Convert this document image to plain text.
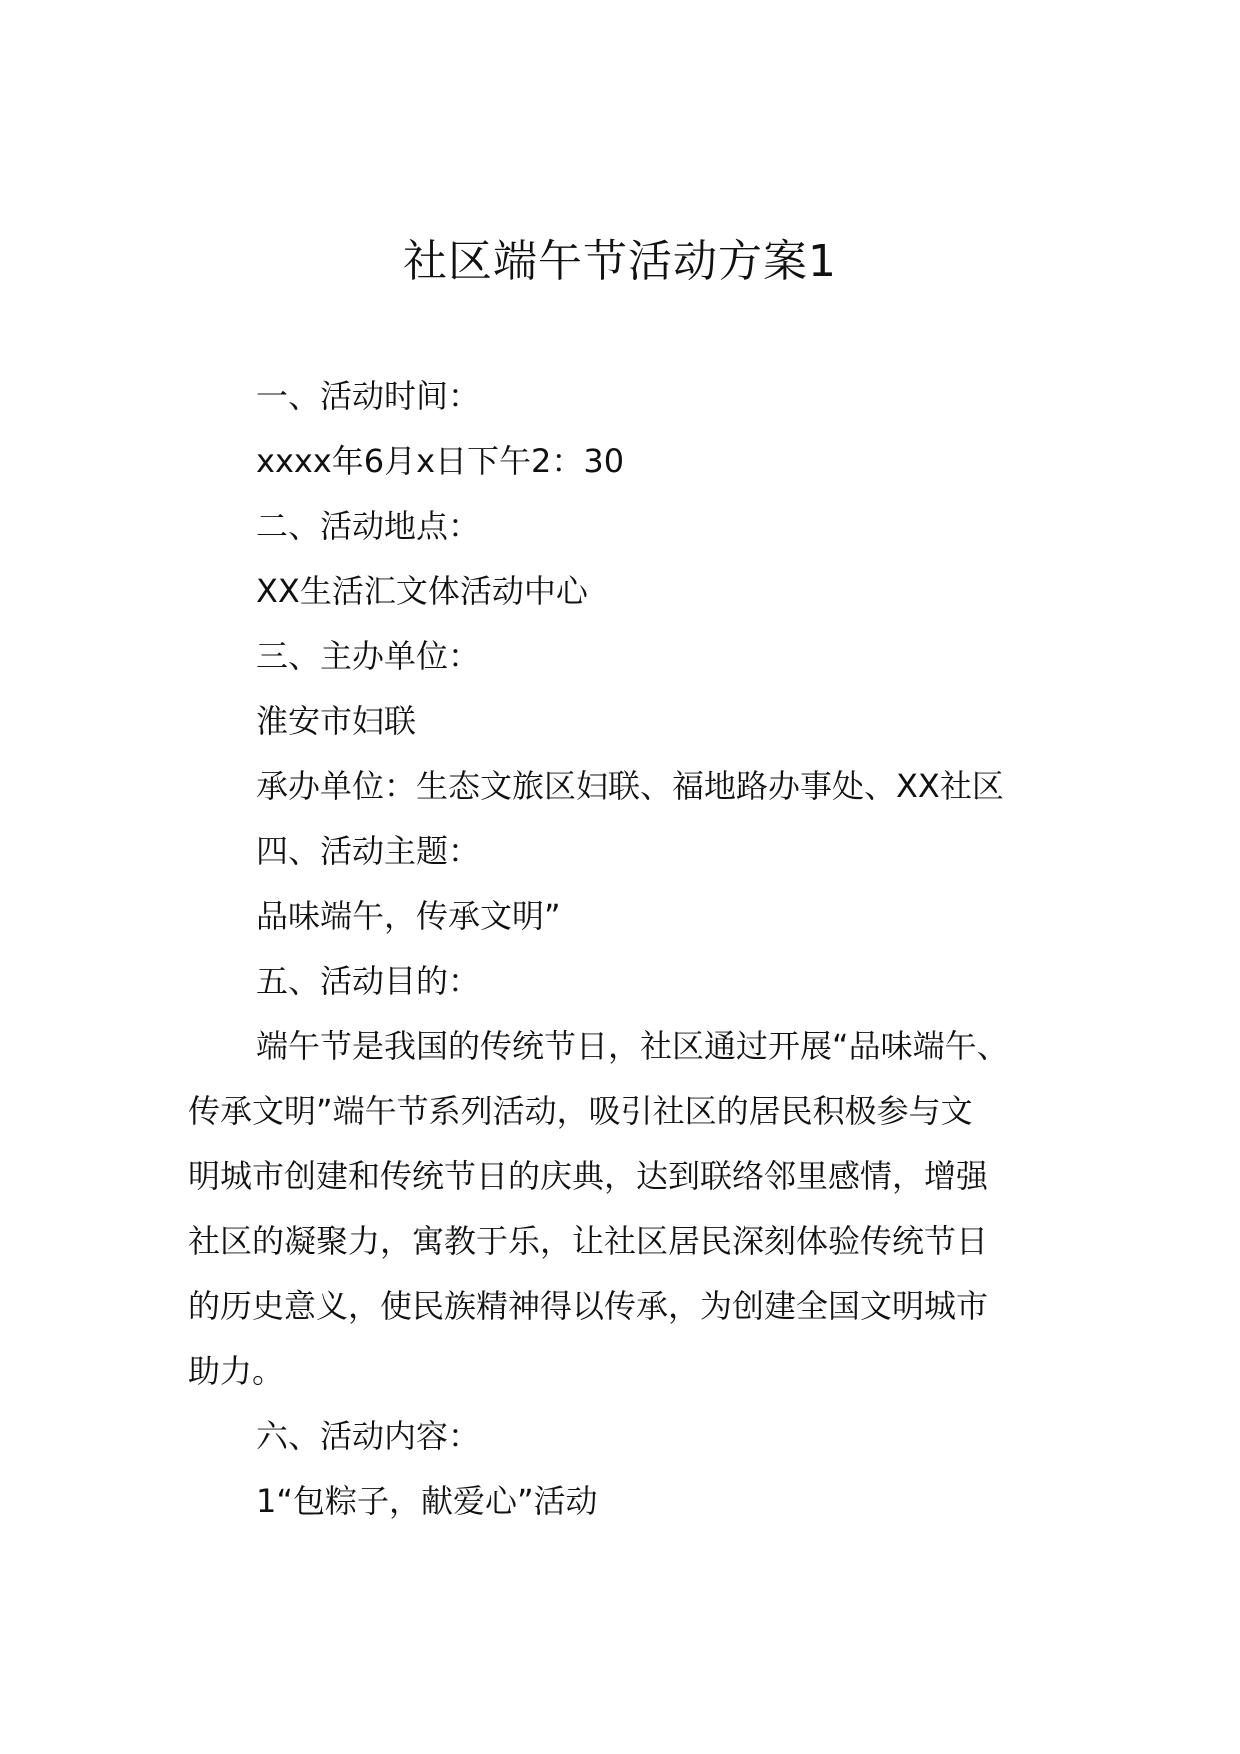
社区端午节活动方案1
一、活动时间：
xxxx年6月x日下午2：30
二、活动地点：
XX生活汇文体活动中心
三、主办单位：
淮安市妇联
承办单位：生态文旅区妇联、福地路办事处、XX社区
四、活动主题：
品味端午，传承文明”
五、活动目的：
端午节是我国的传统节日，社区通过开展“品味端午、
传承文明”端午节系列活动，吸引社区的居民积极参与文
明城市创建和传统节日的庆典，达到联络邻里感情，增强
社区的凝聚力，寓教于乐，让社区居民深刻体验传统节日
的历史意义，使民族精神得以传承，为创建全国文明城市
助力。
六、活动内容：
1“包粽子，献爱心”活动
